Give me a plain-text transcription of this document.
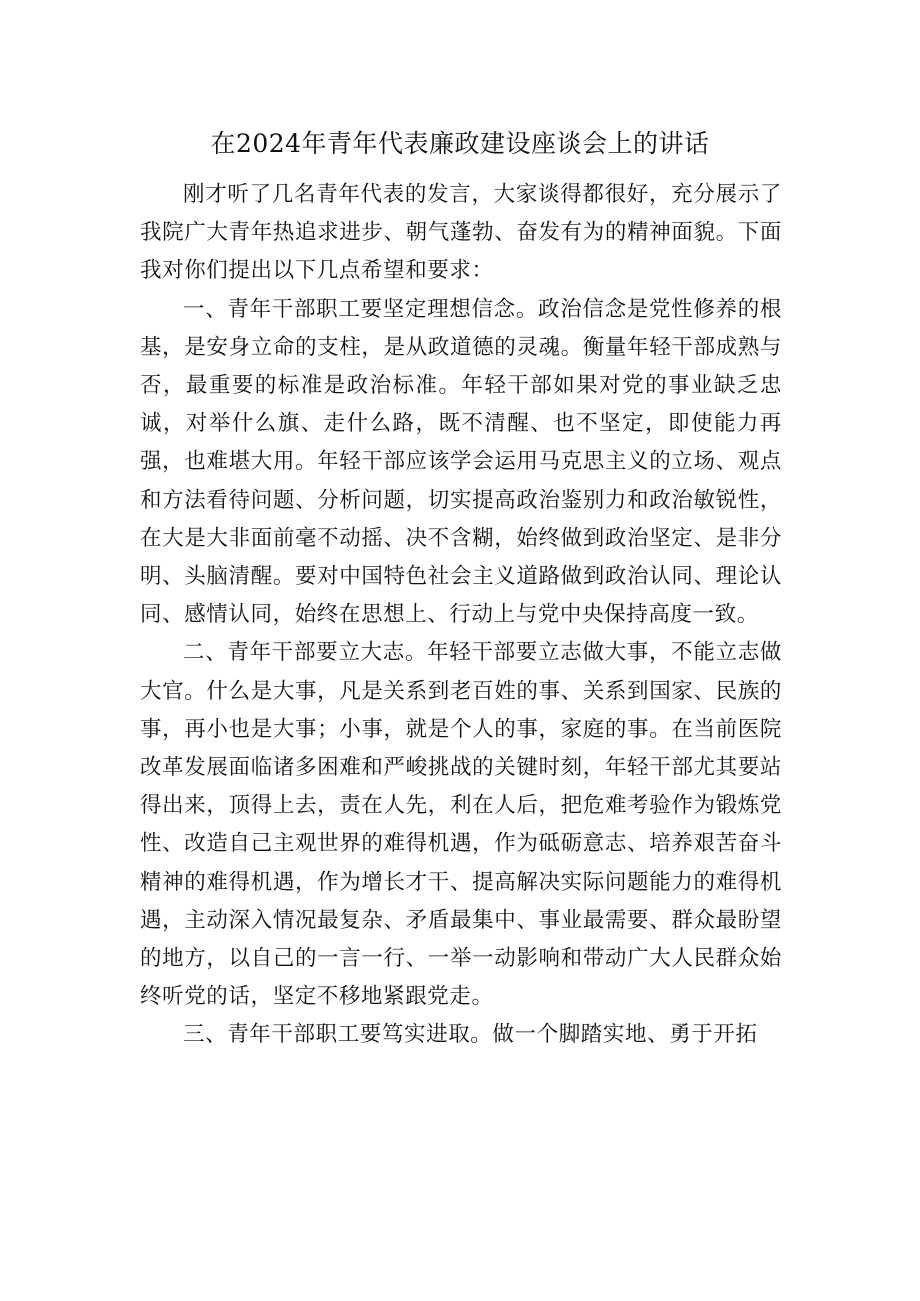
在2024年青年代表廉政建设座谈会上的讲话

刚才听了几名青年代表的发言，大家谈得都很好，充分展示了我院广大青年热追求进步、朝气蓬勃、奋发有为的精神面貌。下面我对你们提出以下几点希望和要求：

一、青年干部职工要坚定理想信念。政治信念是党性修养的根基，是安身立命的支柱，是从政道德的灵魂。衡量年轻干部成熟与否，最重要的标准是政治标准。年轻干部如果对党的事业缺乏忠诚，对举什么旗、走什么路，既不清醒、也不坚定，即使能力再强，也难堪大用。年轻干部应该学会运用马克思主义的立场、观点和方法看待问题、分析问题，切实提高政治鉴别力和政治敏锐性，在大是大非面前毫不动摇、决不含糊，始终做到政治坚定、是非分明、头脑清醒。要对中国特色社会主义道路做到政治认同、理论认同、感情认同，始终在思想上、行动上与党中央保持高度一致。

二、青年干部要立大志。年轻干部要立志做大事，不能立志做大官。什么是大事，凡是关系到老百姓的事、关系到国家、民族的事，再小也是大事；小事，就是个人的事，家庭的事。在当前医院改革发展面临诸多困难和严峻挑战的关键时刻，年轻干部尤其要站得出来，顶得上去，责在人先，利在人后，把危难考验作为锻炼党性、改造自己主观世界的难得机遇，作为砥砺意志、培养艰苦奋斗精神的难得机遇，作为增长才干、提高解决实际问题能力的难得机遇，主动深入情况最复杂、矛盾最集中、事业最需要、群众最盼望的地方，以自己的一言一行、一举一动影响和带动广大人民群众始终听党的话，坚定不移地紧跟党走。

三、青年干部职工要笃实进取。做一个脚踏实地、勇于开拓
